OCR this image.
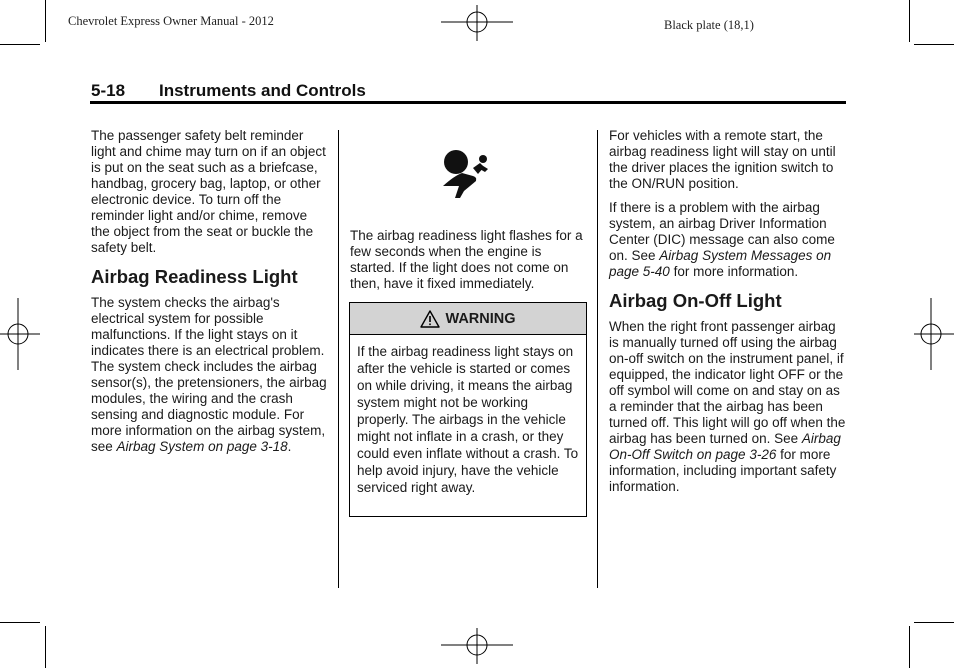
Chevrolet Express Owner Manual - 2012	Black plate (18,1)
5-18 Instruments and Controls

The passenger safety belt reminder light and chime may turn on if an object is put on the seat such as a briefcase, handbag, grocery bag, laptop, or other electronic device. To turn off the reminder light and/or chime, remove the object from the seat or buckle the safety belt.

Airbag Readiness Light

The system checks the airbag's electrical system for possible malfunctions. If the light stays on it indicates there is an electrical problem. The system check includes the airbag sensor(s), the pretensioners, the airbag modules, the wiring and the crash sensing and diagnostic module. For more information on the airbag system, see Airbag System on page 3-18.

The airbag readiness light flashes for a few seconds when the engine is started. If the light does not come on then, have it fixed immediately.

WARNING
If the airbag readiness light stays on after the vehicle is started or comes on while driving, it means the airbag system might not be working properly. The airbags in the vehicle might not inflate in a crash, or they could even inflate without a crash. To help avoid injury, have the vehicle serviced right away.

For vehicles with a remote start, the airbag readiness light will stay on until the driver places the ignition switch to the ON/RUN position.

If there is a problem with the airbag system, an airbag Driver Information Center (DIC) message can also come on. See Airbag System Messages on page 5-40 for more information.

Airbag On-Off Light

When the right front passenger airbag is manually turned off using the airbag on-off switch on the instrument panel, if equipped, the indicator light OFF or the off symbol will come on and stay on as a reminder that the airbag has been turned off. This light will go off when the airbag has been turned on. See Airbag On-Off Switch on page 3-26 for more information, including important safety information.
